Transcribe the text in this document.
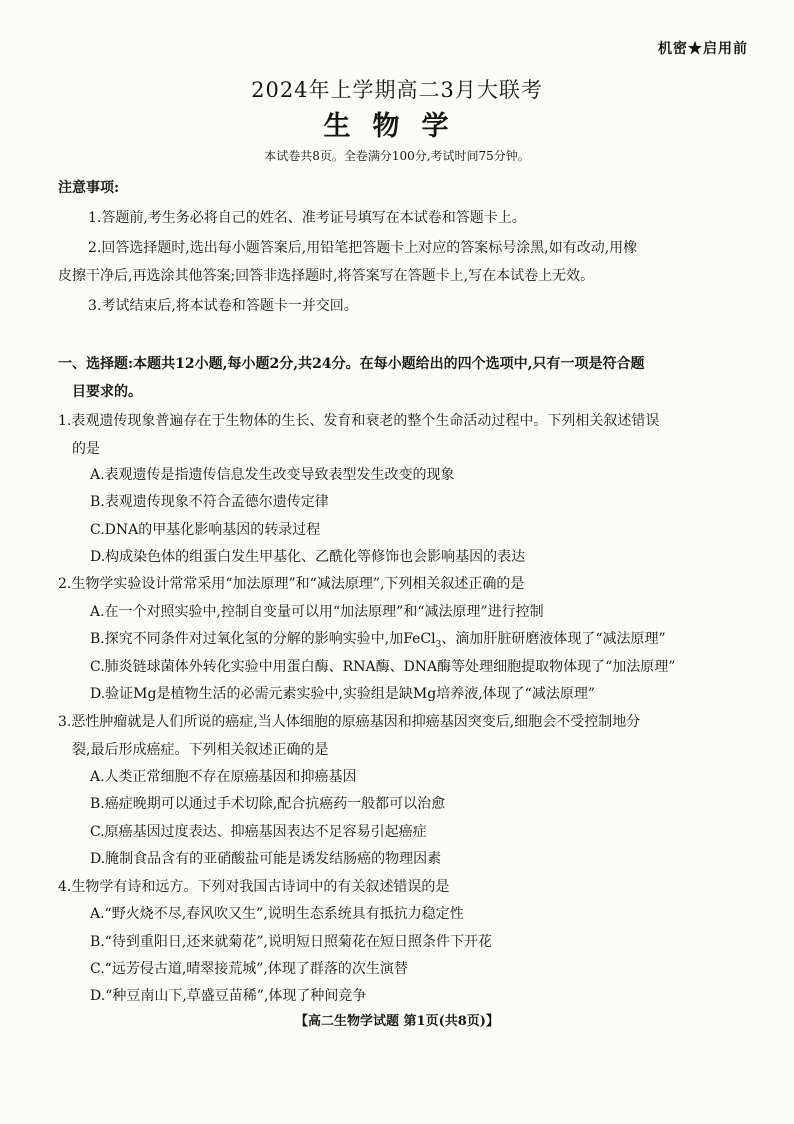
机密★启用前
2024年上学期高二3月大联考
生物学
本试卷共8页。全卷满分100分,考试时间75分钟。
注意事项:
1.答题前,考生务必将自己的姓名、准考证号填写在本试卷和答题卡上。
2.回答选择题时,选出每小题答案后,用铅笔把答题卡上对应的答案标号涂黑,如有改动,用橡
皮擦干净后,再选涂其他答案;回答非选择题时,将答案写在答题卡上,写在本试卷上无效。
3.考试结束后,将本试卷和答题卡一并交回。
一、选择题:本题共12小题,每小题2分,共24分。在每小题给出的四个选项中,只有一项是符合题
目要求的。
1.表观遗传现象普遍存在于生物体的生长、发育和衰老的整个生命活动过程中。下列相关叙述错误
的是
A.表观遗传是指遗传信息发生改变导致表型发生改变的现象
B.表观遗传现象不符合孟德尔遗传定律
C.DNA的甲基化影响基因的转录过程
D.构成染色体的组蛋白发生甲基化、乙酰化等修饰也会影响基因的表达
2.生物学实验设计常常采用“加法原理”和“减法原理”,下列相关叙述正确的是
A.在一个对照实验中,控制自变量可以用“加法原理”和“减法原理”进行控制
B.探究不同条件对过氧化氢的分解的影响实验中,加FeCl$_3$、滴加肝脏研磨液体现了“减法原理”
C.肺炎链球菌体外转化实验中用蛋白酶、RNA酶、DNA酶等处理细胞提取物体现了“加法原理”
D.验证Mg是植物生活的必需元素实验中,实验组是缺Mg培养液,体现了“减法原理”
3.恶性肿瘤就是人们所说的癌症,当人体细胞的原癌基因和抑癌基因突变后,细胞会不受控制地分
裂,最后形成癌症。下列相关叙述正确的是
A.人类正常细胞不存在原癌基因和抑癌基因
B.癌症晚期可以通过手术切除,配合抗癌药一般都可以治愈
C.原癌基因过度表达、抑癌基因表达不足容易引起癌症
D.腌制食品含有的亚硝酸盐可能是诱发结肠癌的物理因素
4.生物学有诗和远方。下列对我国古诗词中的有关叙述错误的是
A.“野火烧不尽,春风吹又生”,说明生态系统具有抵抗力稳定性
B.“待到重阳日,还来就菊花”,说明短日照菊花在短日照条件下开花
C.“远芳侵古道,晴翠接荒城”,体现了群落的次生演替
D.“种豆南山下,草盛豆苗稀”,体现了种间竞争
【高二生物学试题 第1页(共8页)】
